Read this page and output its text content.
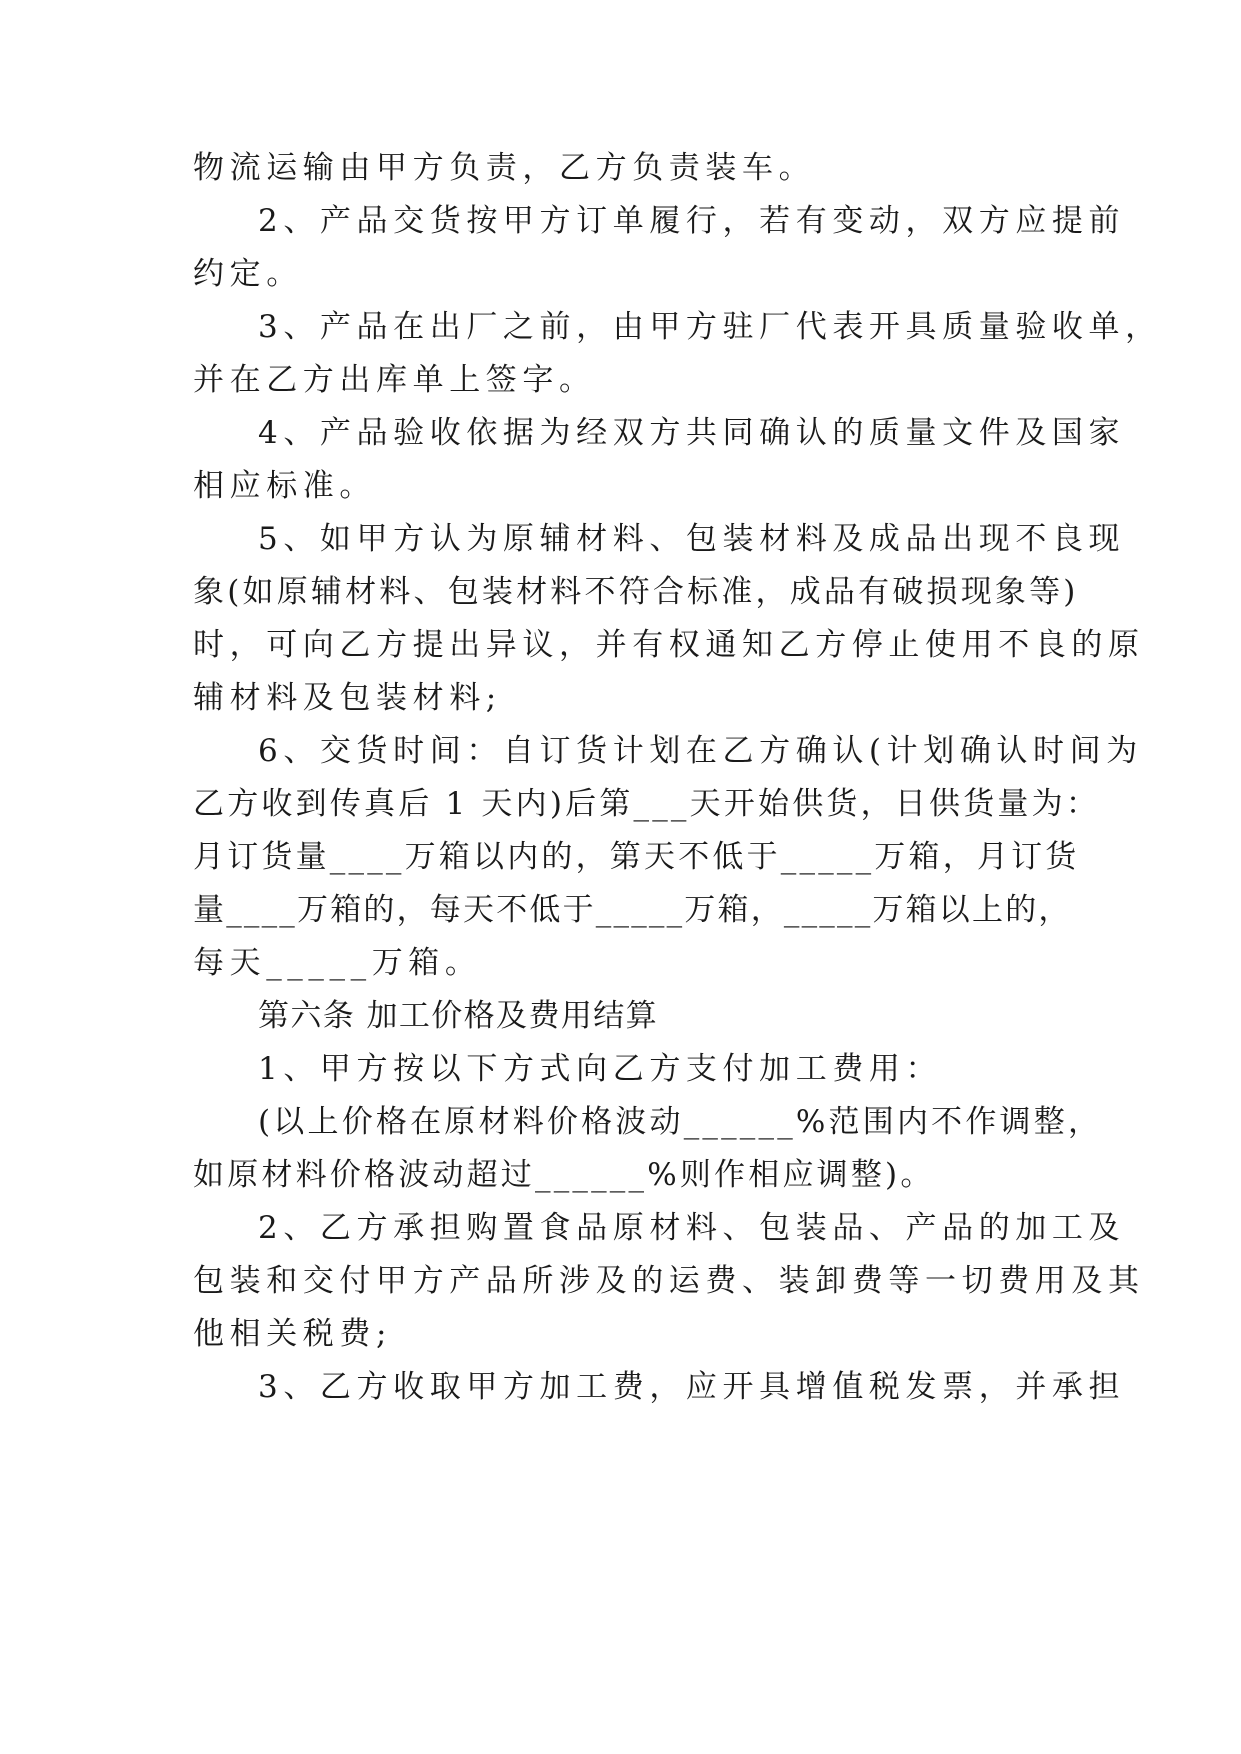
物流运输由甲方负责，乙方负责装车。

2、产品交货按甲方订单履行，若有变动，双方应提前

约定。

3、产品在出厂之前，由甲方驻厂代表开具质量验收单，

并在乙方出库单上签字。

4、产品验收依据为经双方共同确认的质量文件及国家

相应标准。

5、如甲方认为原辅材料、包装材料及成品出现不良现

象(如原辅材料、包装材料不符合标准，成品有破损现象等)

时，可向乙方提出异议，并有权通知乙方停止使用不良的原

辅材料及包装材料;

6、交货时间：自订货计划在乙方确认(计划确认时间为

乙方收到传真后 1 天内)后第___天开始供货，日供货量为：

月订货量____万箱以内的，第天不低于_____万箱，月订货

量____万箱的，每天不低于_____万箱，_____万箱以上的，

每天_____万箱。

第六条 加工价格及费用结算

1、甲方按以下方式向乙方支付加工费用：

(以上价格在原材料价格波动______%范围内不作调整，

如原材料价格波动超过______%则作相应调整)。

2、乙方承担购置食品原材料、包装品、产品的加工及

包装和交付甲方产品所涉及的运费、装卸费等一切费用及其

他相关税费;

3、乙方收取甲方加工费，应开具增值税发票，并承担
